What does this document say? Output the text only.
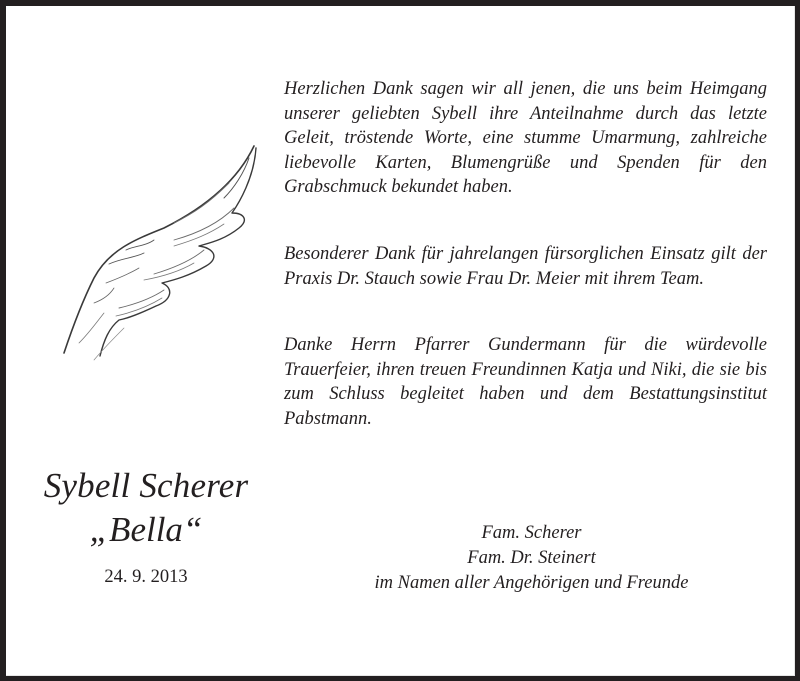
Herzlichen Dank sagen wir all jenen, die uns beim Heimgang unserer geliebten Sybell ihre Anteilnahme durch das letzte Geleit, tröstende Worte, eine stumme Umarmung, zahlreiche liebevolle Karten, Blumengrüße und Spenden für den Grabschmuck bekundet haben.

Besonderer Dank für jahrelangen fürsorglichen Einsatz gilt der Praxis Dr. Stauch sowie Frau Dr. Meier mit ihrem Team.

Danke Herrn Pfarrer Gundermann für die würdevolle Trauerfeier, ihren treuen Freundinnen Katja und Niki, die sie bis zum Schluss begleitet haben und dem Bestattungsinstitut Pabstmann.

Sybell Scherer
„Bella“
24. 9. 2013
Fam. Scherer
Fam. Dr. Steinert
im Namen aller Angehörigen und Freunde
